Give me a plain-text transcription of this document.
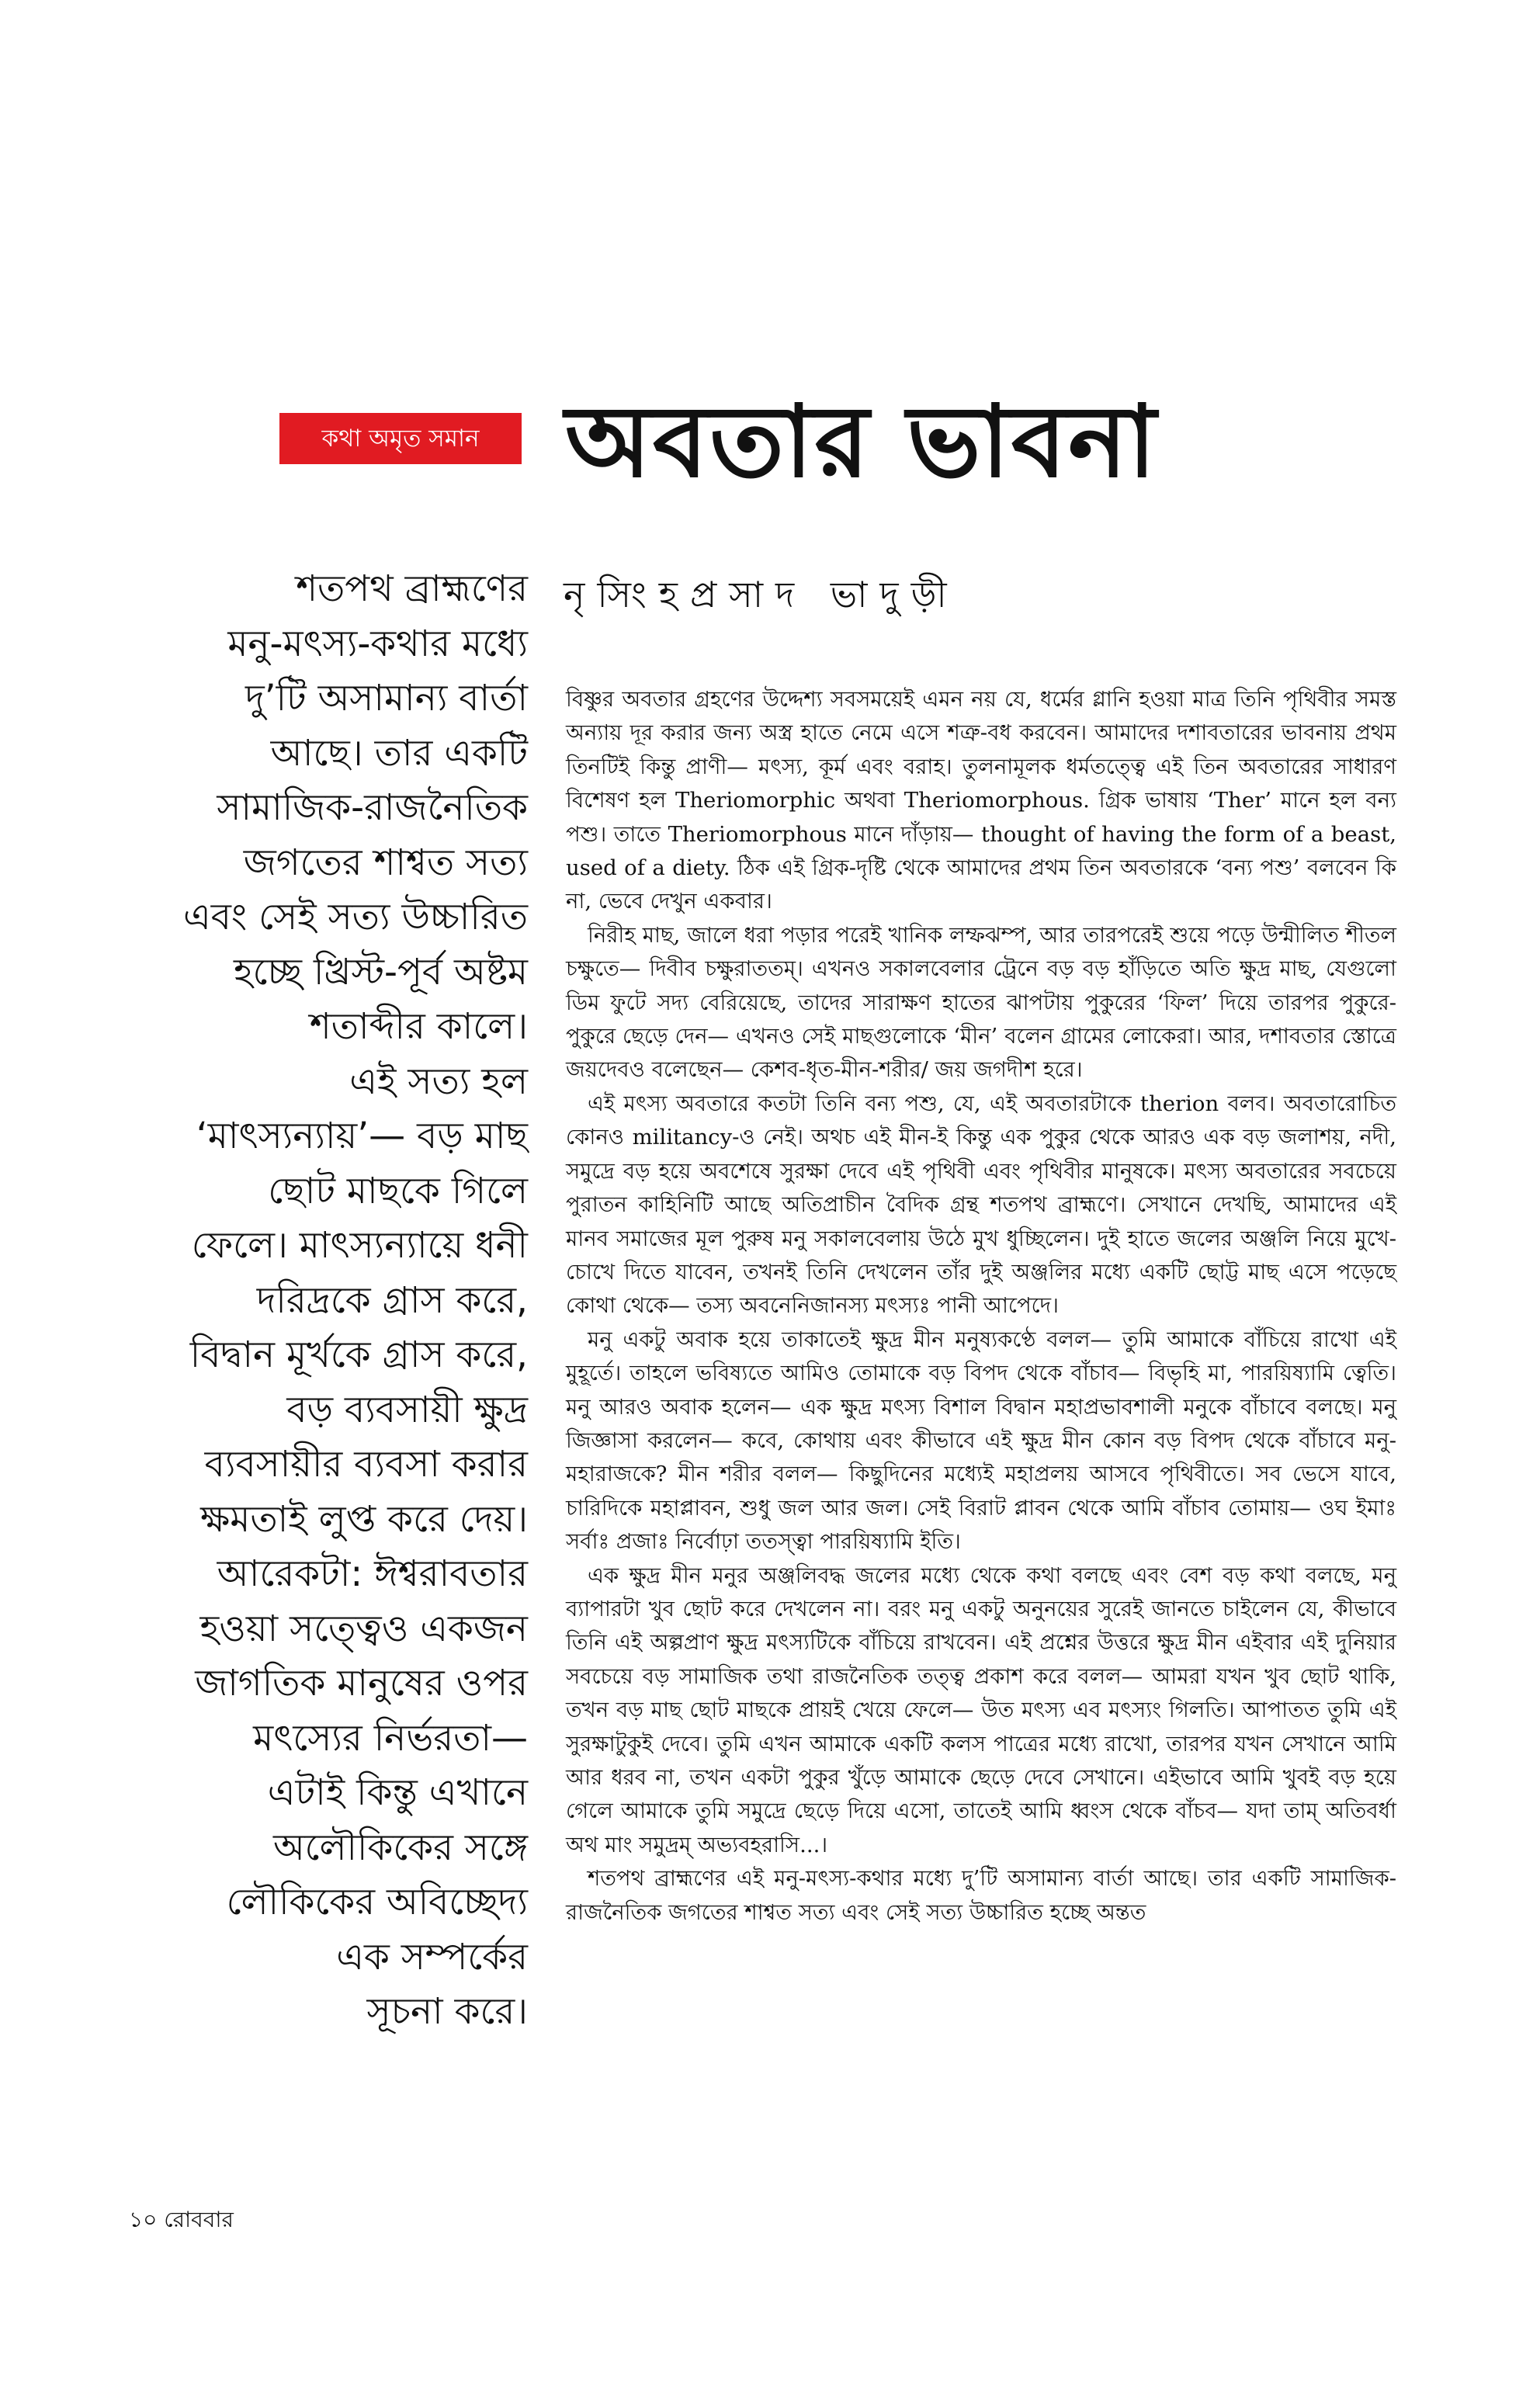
কথা অমৃত সমান অবতার ভাবনা
নৃসিংহপ্রসাদ ভাদুড়ী
শতপথ ব্রাহ্মণের
মনু-মৎস্য-কথার মধ্যে
দু’টি অসামান্য বার্তা
আছে। তার একটি
সামাজিক-রাজনৈতিক
জগতের শাশ্বত সত্য
এবং সেই সত্য উচ্চারিত
হচ্ছে খ্রিস্ট-পূর্ব অষ্টম
শতাব্দীর কালে।
এই সত্য হল
‘মাৎস্যন্যায়’— বড় মাছ
ছোট মাছকে গিলে
ফেলে। মাৎস্যন্যায়ে ধনী
দরিদ্রকে গ্রাস করে,
বিদ্বান মূর্খকে গ্রাস করে,
বড় ব্যবসায়ী ক্ষুদ্র
ব্যবসায়ীর ব্যবসা করার
ক্ষমতাই লুপ্ত করে দেয়।
আরেকটা: ঈশ্বরাবতার
হওয়া সত্ত্বেও একজন
জাগতিক মানুষের ওপর
মৎস্যের নির্ভরতা—
এটাই কিন্তু এখানে
অলৌকিকের সঙ্গে
লৌকিকের অবিচ্ছেদ্য
এক সম্পর্কের
সূচনা করে।

বিষ্ণুর অবতার গ্রহণের উদ্দেশ্য সবসময়েই এমন নয় যে, ধর্মের গ্লানি হওয়া মাত্র তিনি পৃথিবীর সমস্ত অন্যায় দূর করার জন্য অস্ত্র হাতে নেমে এসে শত্রু-বধ করবেন। আমাদের দশাবতারের ভাবনায় প্রথম তিনটিই কিন্তু প্রাণী— মৎস্য, কূর্ম এবং বরাহ। তুলনামূলক ধর্মতত্ত্বে এই তিন অবতারের সাধারণ বিশেষণ হল Theriomorphic অথবা Theriomorphous. গ্রিক ভাষায় ‘Ther’ মানে হল বন্য পশু। তাতে Theriomorphous মানে দাঁড়ায়— thought of having the form of a beast, used of a diety. ঠিক এই গ্রিক-দৃষ্টি থেকে আমাদের প্রথম তিন অবতারকে ‘বন্য পশু’ বলবেন কি না, ভেবে দেখুন একবার।

নিরীহ মাছ, জালে ধরা পড়ার পরেই খানিক লম্ফঝম্প, আর তারপরেই শুয়ে পড়ে উন্মীলিত শীতল চক্ষুতে— দিবীব চক্ষুরাততম্। এখনও সকালবেলার ট্রেনে বড় বড় হাঁড়িতে অতি ক্ষুদ্র মাছ, যেগুলো ডিম ফুটে সদ্য বেরিয়েছে, তাদের সারাক্ষণ হাতের ঝাপটায় পুকুরের ‘ফিল’ দিয়ে তারপর পুকুরে-পুকুরে ছেড়ে দেন— এখনও সেই মাছগুলোকে ‘মীন’ বলেন গ্রামের লোকেরা। আর, দশাবতার স্তোত্রে জয়দেবও বলেছেন— কেশব-ধৃত-মীন-শরীর/ জয় জগদীশ হরে।

এই মৎস্য অবতারে কতটা তিনি বন্য পশু, যে, এই অবতারটাকে therion বলব। অবতারোচিত কোনও militancy-ও নেই। অথচ এই মীন-ই কিন্তু এক পুকুর থেকে আরও এক বড় জলাশয়, নদী, সমুদ্রে বড় হয়ে অবশেষে সুরক্ষা দেবে এই পৃথিবী এবং পৃথিবীর মানুষকে। মৎস্য অবতারের সবচেয়ে পুরাতন কাহিনিটি আছে অতিপ্রাচীন বৈদিক গ্রন্থ শতপথ ব্রাহ্মণে। সেখানে দেখছি, আমাদের এই মানব সমাজের মূল পুরুষ মনু সকালবেলায় উঠে মুখ ধুচ্ছিলেন। দুই হাতে জলের অঞ্জলি নিয়ে মুখে-চোখে দিতে যাবেন, তখনই তিনি দেখলেন তাঁর দুই অঞ্জলির মধ্যে একটি ছোট্ট মাছ এসে পড়েছে কোথা থেকে— তস্য অবনেনিজানস্য মৎস্যঃ পানী আপেদে।

মনু একটু অবাক হয়ে তাকাতেই ক্ষুদ্র মীন মনুষ্যকণ্ঠে বলল— তুমি আমাকে বাঁচিয়ে রাখো এই মুহূর্তে। তাহলে ভবিষ্যতে আমিও তোমাকে বড় বিপদ থেকে বাঁচাব— বিভৃহি মা, পারয়িষ্যামি ত্বেতি। মনু আরও অবাক হলেন— এক ক্ষুদ্র মৎস্য বিশাল বিদ্বান মহাপ্রভাবশালী মনুকে বাঁচাবে বলছে। মনু জিজ্ঞাসা করলেন— কবে, কোথায় এবং কীভাবে এই ক্ষুদ্র মীন কোন বড় বিপদ থেকে বাঁচাবে মনু-মহারাজকে? মীন শরীর বলল— কিছুদিনের মধ্যেই মহাপ্রলয় আসবে পৃথিবীতে। সব ভেসে যাবে, চারিদিকে মহাপ্লাবন, শুধু জল আর জল। সেই বিরাট প্লাবন থেকে আমি বাঁচাব তোমায়— ওঘ ইমাঃ সর্বাঃ প্রজাঃ নির্বোঢ়া ততস্ত্বা পারয়িষ্যামি ইতি।

এক ক্ষুদ্র মীন মনুর অঞ্জলিবদ্ধ জলের মধ্যে থেকে কথা বলছে এবং বেশ বড় কথা বলছে, মনু ব্যাপারটা খুব ছোট করে দেখলেন না। বরং মনু একটু অনুনয়ের সুরেই জানতে চাইলেন যে, কীভাবে তিনি এই অল্পপ্রাণ ক্ষুদ্র মৎস্যটিকে বাঁচিয়ে রাখবেন। এই প্রশ্নের উত্তরে ক্ষুদ্র মীন এইবার এই দুনিয়ার সবচেয়ে বড় সামাজিক তথা রাজনৈতিক তত্ত্ব প্রকাশ করে বলল— আমরা যখন খুব ছোট থাকি, তখন বড় মাছ ছোট মাছকে প্রায়ই খেয়ে ফেলে— উত মৎস্য এব মৎস্যং গিলতি। আপাতত তুমি এই সুরক্ষাটুকুই দেবে। তুমি এখন আমাকে একটি কলস পাত্রের মধ্যে রাখো, তারপর যখন সেখানে আমি আর ধরব না, তখন একটা পুকুর খুঁড়ে আমাকে ছেড়ে দেবে সেখানে। এইভাবে আমি খুবই বড় হয়ে গেলে আমাকে তুমি সমুদ্রে ছেড়ে দিয়ে এসো, তাতেই আমি ধ্বংস থেকে বাঁচব— যদা তাম্ অতিবর্ধা অথ মাং সমুদ্রম্ অভ্যবহরাসি...।

শতপথ ব্রাহ্মণের এই মনু-মৎস্য-কথার মধ্যে দু’টি অসামান্য বার্তা আছে। তার একটি সামাজিক-রাজনৈতিক জগতের শাশ্বত সত্য এবং সেই সত্য উচ্চারিত হচ্ছে অন্তত

১০ রোববার
